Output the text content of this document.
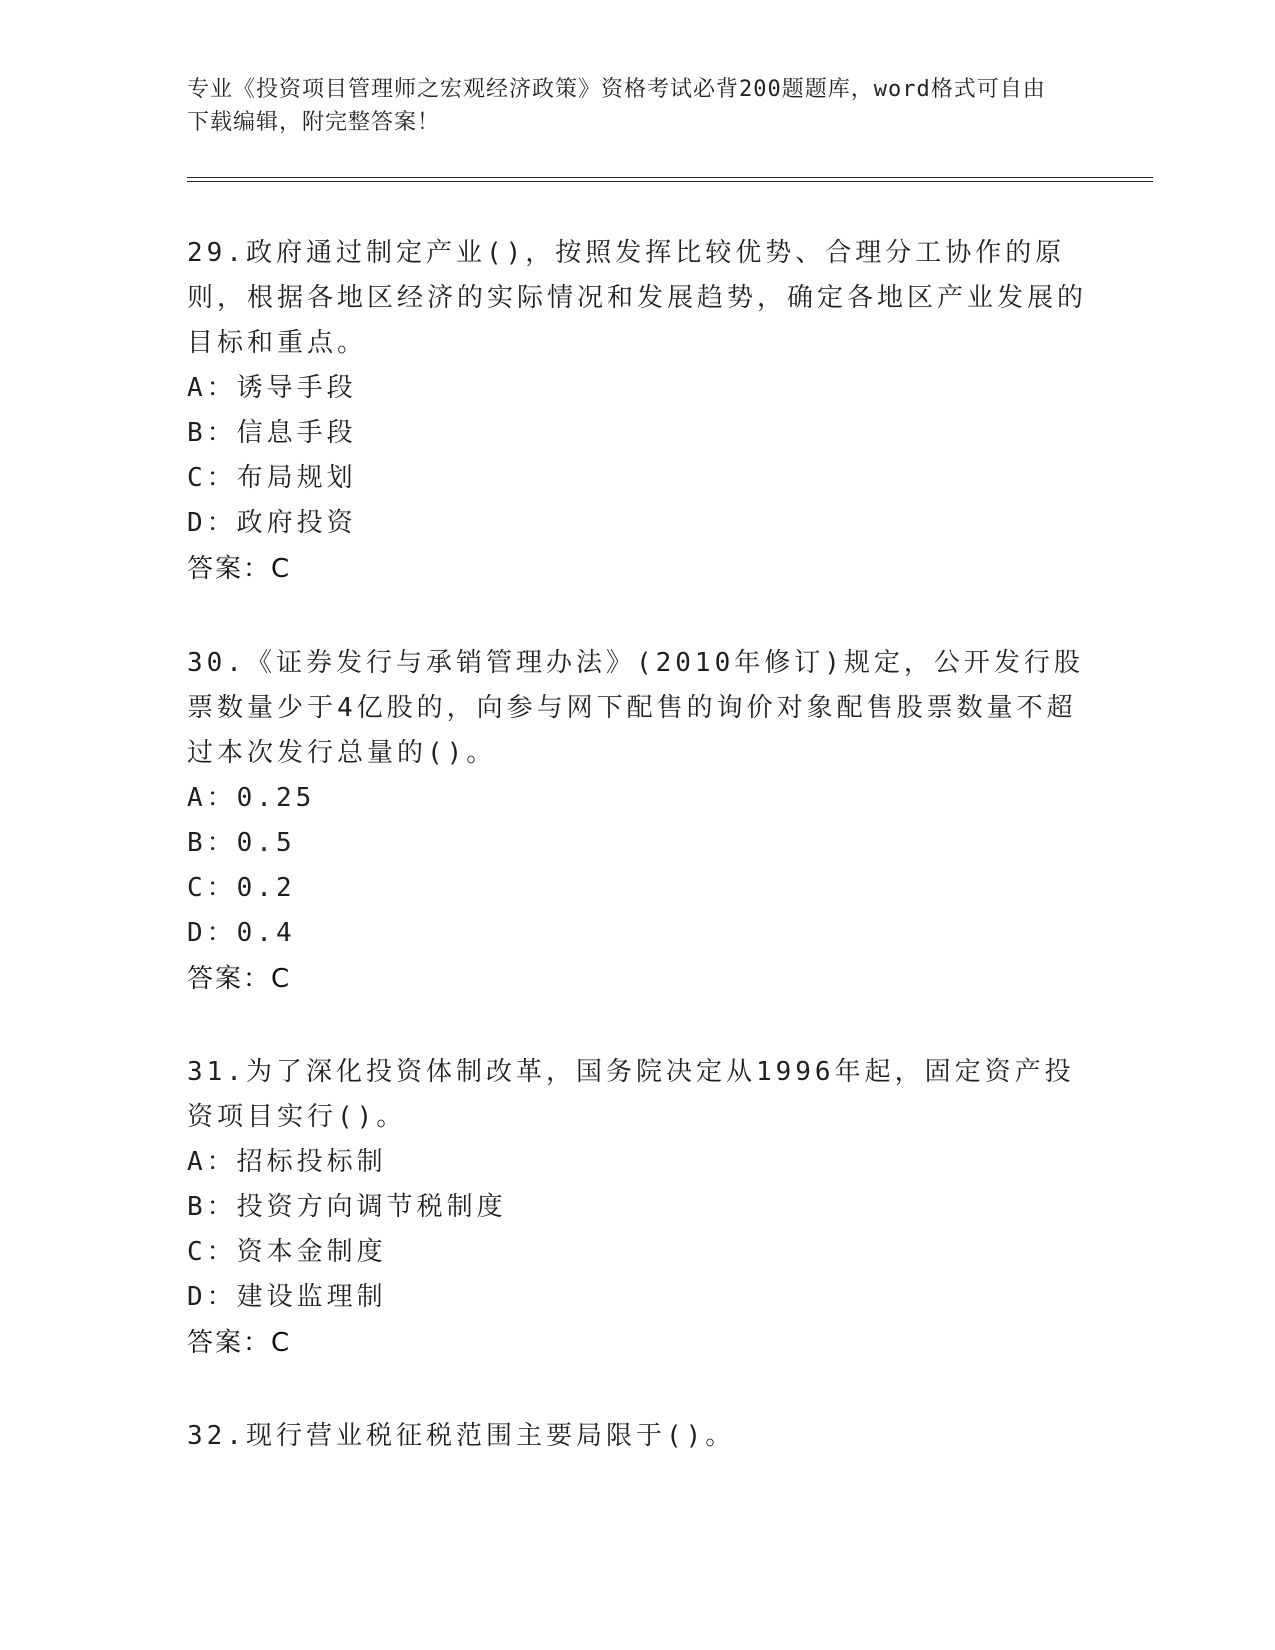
专业《投资项目管理师之宏观经济政策》资格考试必背200题题库，word格式可自由下载编辑，附完整答案！
29.政府通过制定产业()，按照发挥比较优势、合理分工协作的原则，根据各地区经济的实际情况和发展趋势，确定各地区产业发展的目标和重点。
A：诱导手段
B：信息手段
C：布局规划
D：政府投资
答案：C
30.《证券发行与承销管理办法》(2010年修订)规定，公开发行股票数量少于4亿股的，向参与网下配售的询价对象配售股票数量不超过本次发行总量的()。
A：0.25
B：0.5
C：0.2
D：0.4
答案：C
31.为了深化投资体制改革，国务院决定从1996年起，固定资产投资项目实行()。
A：招标投标制
B：投资方向调节税制度
C：资本金制度
D：建设监理制
答案：C
32.现行营业税征税范围主要局限于()。
